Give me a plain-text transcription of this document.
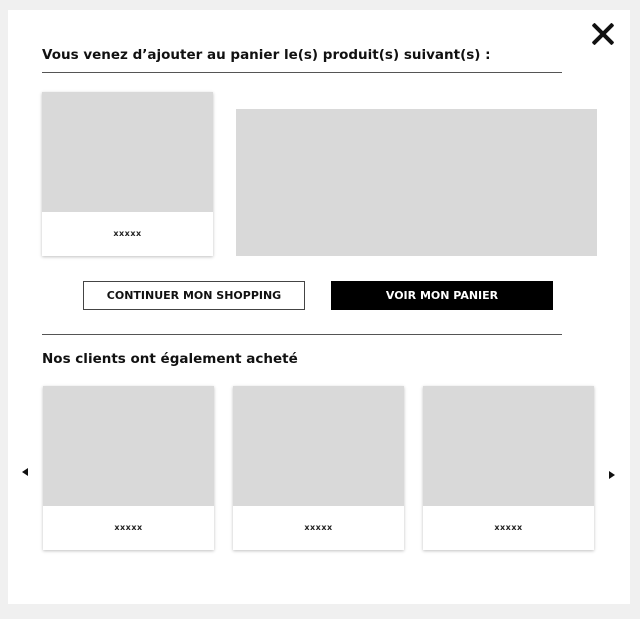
Vous venez d’ajouter au panier le(s) produit(s) suivant(s) :
xxxxx
CONTINUER MON SHOPPING	VOIR MON PANIER
Nos clients ont également acheté
xxxxx	xxxxx	xxxxx
